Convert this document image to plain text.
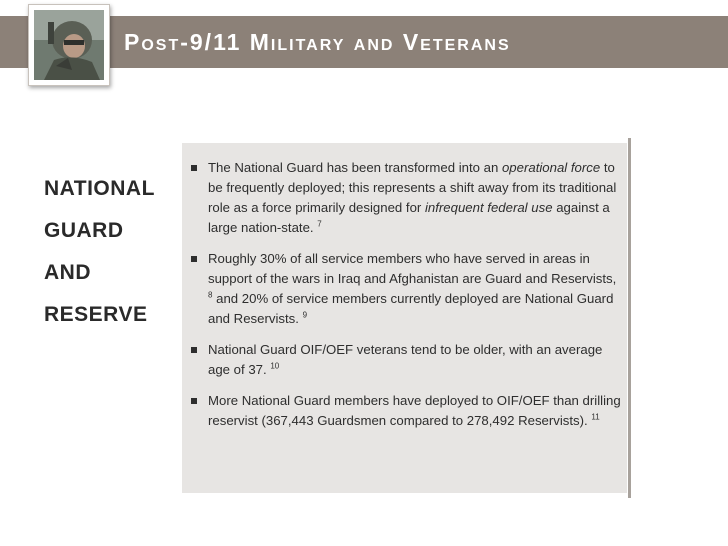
Post-9/11 Military and Veterans
NATIONAL
GUARD
AND
RESERVE

The National Guard has been transformed into an operational force to be frequently deployed; this represents a shift away from its traditional role as a force primarily designed for infrequent federal use against a large nation-state. $^7$

Roughly 30% of all service members who have served in areas in support of the wars in Iraq and Afghanistan are Guard and Reservists, $^8$ and 20% of service members currently deployed are National Guard and Reservists. $^9$

National Guard OIF/OEF veterans tend to be older, with an average age of 37. $^{10}$

More National Guard members have deployed to OIF/OEF than drilling reservist (367,443 Guardsmen compared to 278,492 Reservists). $^{11}$
